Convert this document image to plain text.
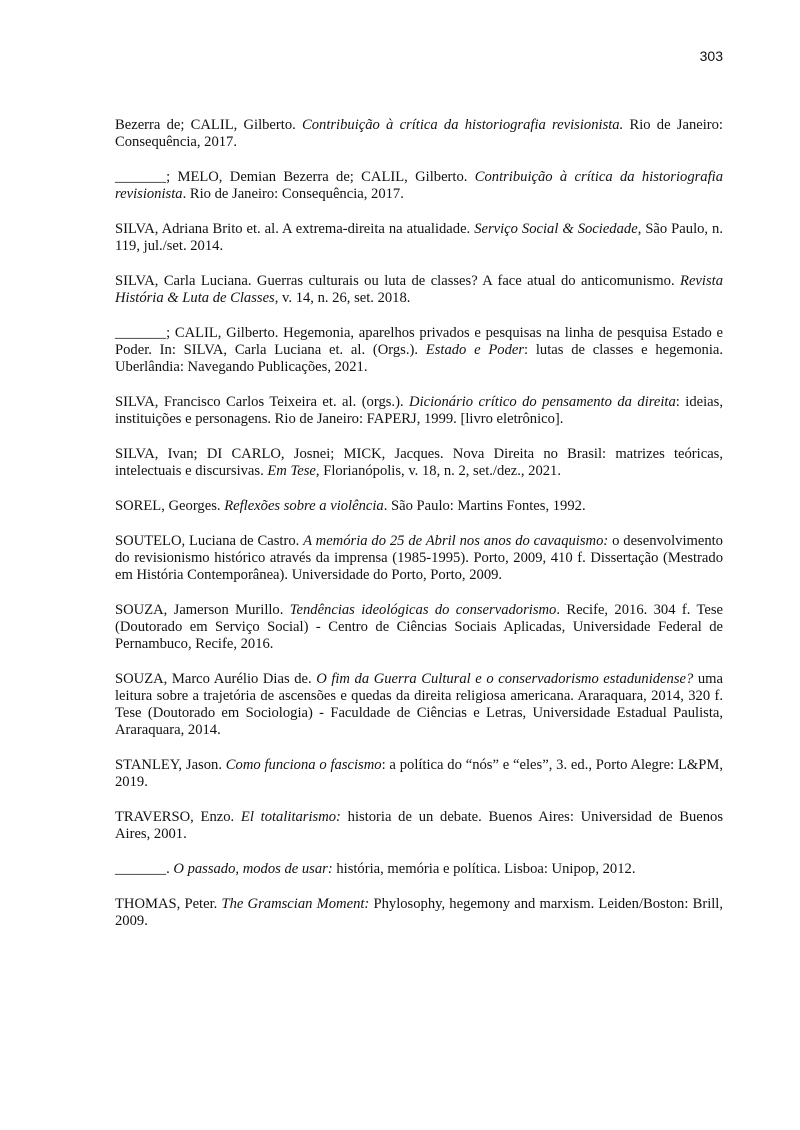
303

Bezerra de; CALIL, Gilberto. Contribuição à crítica da historiografia revisionista. Rio de Janeiro: Consequência, 2017.

_______; MELO, Demian Bezerra de; CALIL, Gilberto. Contribuição à crítica da historiografia revisionista. Rio de Janeiro: Consequência, 2017.

SILVA, Adriana Brito et. al. A extrema-direita na atualidade. Serviço Social & Sociedade, São Paulo, n. 119, jul./set. 2014.

SILVA, Carla Luciana. Guerras culturais ou luta de classes? A face atual do anticomunismo. Revista História & Luta de Classes, v. 14, n. 26, set. 2018.

_______; CALIL, Gilberto. Hegemonia, aparelhos privados e pesquisas na linha de pesquisa Estado e Poder. In: SILVA, Carla Luciana et. al. (Orgs.). Estado e Poder: lutas de classes e hegemonia. Uberlândia: Navegando Publicações, 2021.

SILVA, Francisco Carlos Teixeira et. al. (orgs.). Dicionário crítico do pensamento da direita: ideias, instituições e personagens. Rio de Janeiro: FAPERJ, 1999. [livro eletrônico].

SILVA, Ivan; DI CARLO, Josnei; MICK, Jacques. Nova Direita no Brasil: matrizes teóricas, intelectuais e discursivas. Em Tese, Florianópolis, v. 18, n. 2, set./dez., 2021.

SOREL, Georges. Reflexões sobre a violência. São Paulo: Martins Fontes, 1992.

SOUTELO, Luciana de Castro. A memória do 25 de Abril nos anos do cavaquismo: o desenvolvimento do revisionismo histórico através da imprensa (1985-1995). Porto, 2009, 410 f. Dissertação (Mestrado em História Contemporânea). Universidade do Porto, Porto, 2009.

SOUZA, Jamerson Murillo. Tendências ideológicas do conservadorismo. Recife, 2016. 304 f. Tese (Doutorado em Serviço Social) - Centro de Ciências Sociais Aplicadas, Universidade Federal de Pernambuco, Recife, 2016.

SOUZA, Marco Aurélio Dias de. O fim da Guerra Cultural e o conservadorismo estadunidense? uma leitura sobre a trajetória de ascensões e quedas da direita religiosa americana. Araraquara, 2014, 320 f. Tese (Doutorado em Sociologia) - Faculdade de Ciências e Letras, Universidade Estadual Paulista, Araraquara, 2014.

STANLEY, Jason. Como funciona o fascismo: a política do “nós” e “eles”, 3. ed., Porto Alegre: L&PM, 2019.

TRAVERSO, Enzo. El totalitarismo: historia de un debate. Buenos Aires: Universidad de Buenos Aires, 2001.

_______. O passado, modos de usar: história, memória e política. Lisboa: Unipop, 2012.

THOMAS, Peter. The Gramscian Moment: Phylosophy, hegemony and marxism. Leiden/Boston: Brill, 2009.
